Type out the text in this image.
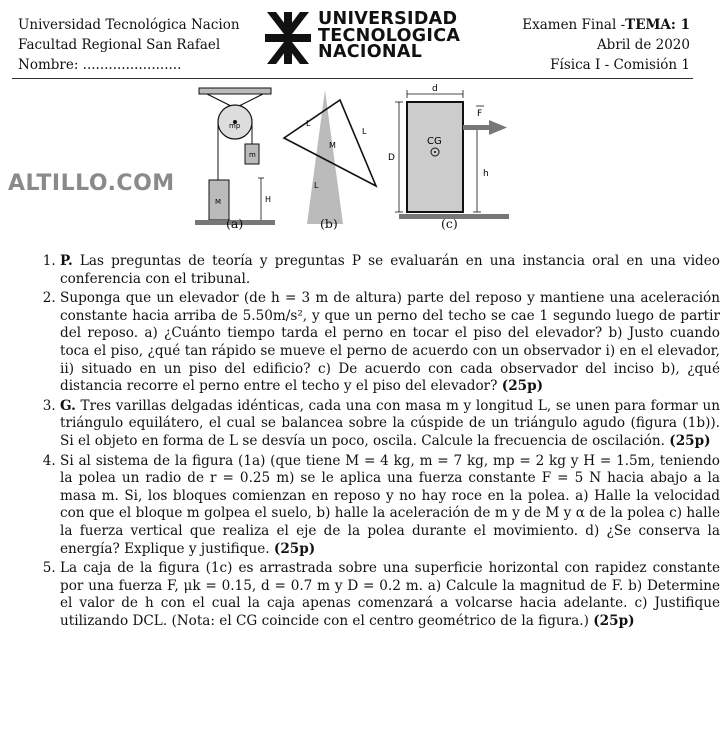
Universidad Tecnológica Nacion
Facultad Regional San Rafael
Nombre: .......................
UNIVERSIDAD
TECNOLOGICA
NACIONAL
Examen Final -TEMA: 1
Abril de 2020
Física I - Comisión 1
mp
m
M	H
L
L
M
L
d
D
CG
F
h
(a)	(b)	(c)
ALTILLO.COM
1. P. Las preguntas de teoría y preguntas P se evaluarán en una instancia oral en una video conferencia con el tribunal.
2. Suponga que un elevador (de h = 3 m de altura) parte del reposo y mantiene una aceleración constante hacia arriba de 5.50m/s², y que un perno del techo se cae 1 segundo luego de partir del reposo. a) ¿Cuánto tiempo tarda el perno en tocar el piso del elevador? b) Justo cuando toca el piso, ¿qué tan rápido se mueve el perno de acuerdo con un observador i) en el elevador, ii) situado en un piso del edificio? c) De acuerdo con cada observador del inciso b), ¿qué distancia recorre el perno entre el techo y el piso del elevador? (25p)
3. G. Tres varillas delgadas idénticas, cada una con masa m y longitud L, se unen para formar un triángulo equilátero, el cual se balancea sobre la cúspide de un triángulo agudo (figura (1b)). Si el objeto en forma de L se desvía un poco, oscila. Calcule la frecuencia de oscilación. (25p)
4. Si al sistema de la figura (1a) (que tiene M = 4 kg, m = 7 kg, mp = 2 kg y H = 1.5m, teniendo la polea un radio de r = 0.25 m) se le aplica una fuerza constante F = 5 N hacia abajo a la masa m. Si, los bloques comienzan en reposo y no hay roce en la polea. a) Halle la velocidad con que el bloque m golpea el suelo, b) halle la aceleración de m y de M y α de la polea c) halle la fuerza vertical que realiza el eje de la polea durante el movimiento. d) ¿Se conserva la energía? Explique y justifique. (25p)
5. La caja de la figura (1c) es arrastrada sobre una superficie horizontal con rapidez constante por una fuerza F, μk = 0.15, d = 0.7 m y D = 0.2 m. a) Calcule la magnitud de F. b) Determine el valor de h con el cual la caja apenas comenzará a volcarse hacia adelante. c) Justifique utilizando DCL. (Nota: el CG coincide con el centro geométrico de la figura.) (25p)
